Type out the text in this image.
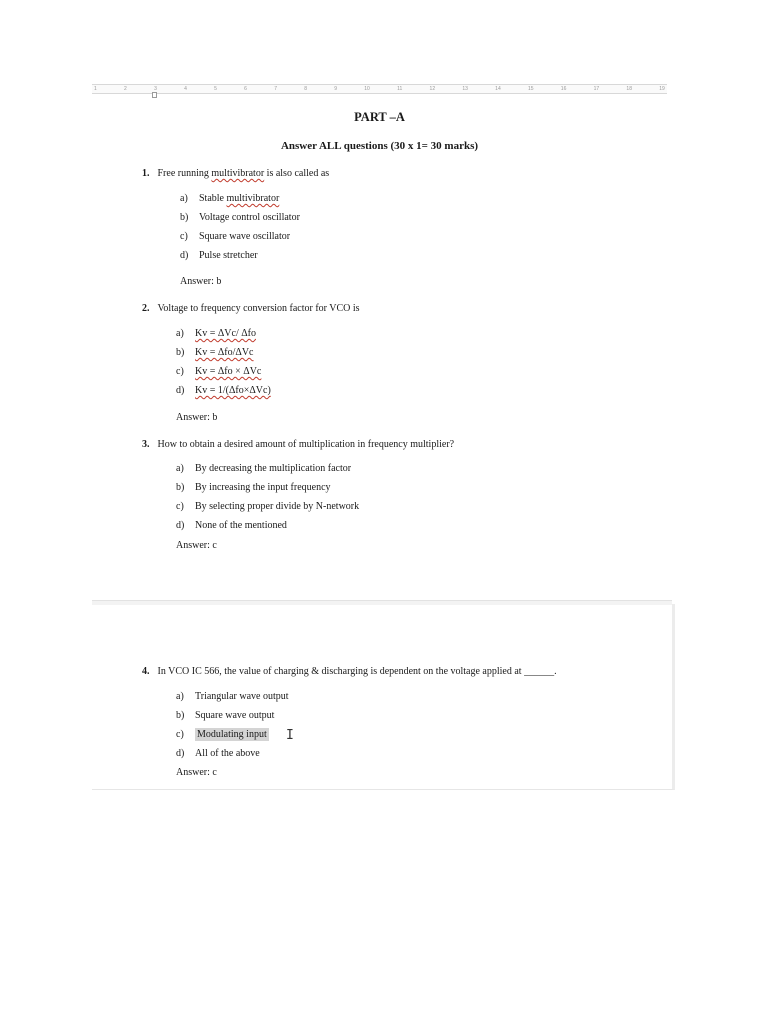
1	2	3	4	5	6	7	8	9	10	11	12	13	14	15	16	17	18	19
PART –A
Answer ALL questions (30 x 1= 30 marks)
1. Free running multivibrator is also called as
a) Stable multivibrator
b) Voltage control oscillator
c) Square wave oscillator
d) Pulse stretcher
Answer: b
2. Voltage to frequency conversion factor for VCO is
a) Kv = ΔVc/ Δfo
b) Kv = Δfo/ΔVc
c) Kv = Δfo × ΔVc
d) Kv = 1/(Δfo×ΔVc)
Answer: b
3. How to obtain a desired amount of multiplication in frequency multiplier?
a) By decreasing the multiplication factor
b) By increasing the input frequency
c) By selecting proper divide by N-network
d) None of the mentioned
Answer: c
4. In VCO IC 566, the value of charging & discharging is dependent on the voltage applied at ______.
a) Triangular wave output
b) Square wave output
c) Modulating input I
d) All of the above
Answer: c
